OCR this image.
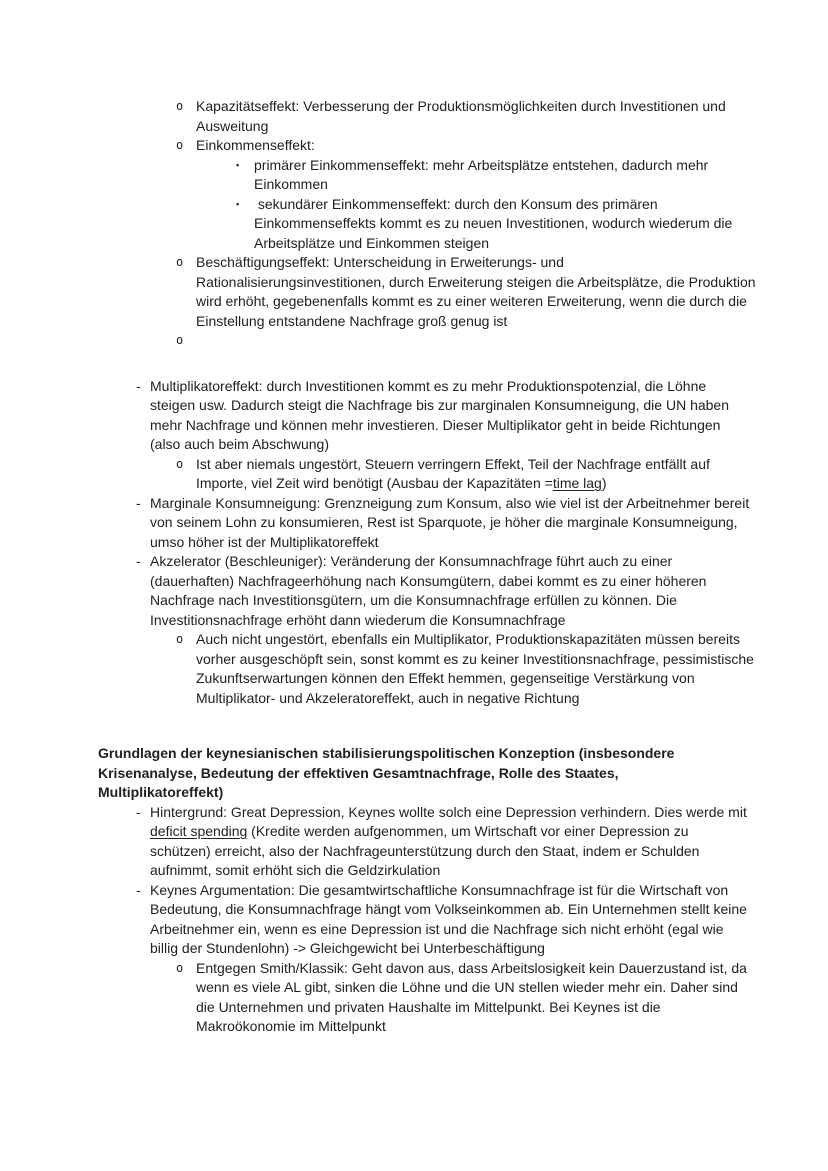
o Kapazitätseffekt: Verbesserung der Produktionsmöglichkeiten durch Investitionen und Ausweitung
o Einkommenseffekt:
▪	primärer Einkommenseffekt: mehr Arbeitsplätze entstehen, dadurch mehr Einkommen
▪	sekundärer Einkommenseffekt: durch den Konsum des primären Einkommenseffekts kommt es zu neuen Investitionen, wodurch wiederum die Arbeitsplätze und Einkommen steigen
o Beschäftigungseffekt: Unterscheidung in Erweiterungs- und Rationalisierungsinvestitionen, durch Erweiterung steigen die Arbeitsplätze, die Produktion wird erhöht, gegebenenfalls kommt es zu einer weiteren Erweiterung, wenn die durch die Einstellung entstandene Nachfrage groß genug ist
o
- Multiplikatoreffekt: durch Investitionen kommt es zu mehr Produktionspotenzial, die Löhne steigen usw. Dadurch steigt die Nachfrage bis zur marginalen Konsumneigung, die UN haben mehr Nachfrage und können mehr investieren. Dieser Multiplikator geht in beide Richtungen (also auch beim Abschwung)
o Ist aber niemals ungestört, Steuern verringern Effekt, Teil der Nachfrage entfällt auf Importe, viel Zeit wird benötigt (Ausbau der Kapazitäten =time lag)
- Marginale Konsumneigung: Grenzneigung zum Konsum, also wie viel ist der Arbeitnehmer bereit von seinem Lohn zu konsumieren, Rest ist Sparquote, je höher die marginale Konsumneigung, umso höher ist der Multiplikatoreffekt
- Akzelerator (Beschleuniger): Veränderung der Konsumnachfrage führt auch zu einer (dauerhaften) Nachfrageerhöhung nach Konsumgütern, dabei kommt es zu einer höheren Nachfrage nach Investitionsgütern, um die Konsumnachfrage erfüllen zu können. Die Investitionsnachfrage erhöht dann wiederum die Konsumnachfrage
o Auch nicht ungestört, ebenfalls ein Multiplikator, Produktionskapazitäten müssen bereits vorher ausgeschöpft sein, sonst kommt es zu keiner Investitionsnachfrage, pessimistische Zukunftserwartungen können den Effekt hemmen, gegenseitige Verstärkung von Multiplikator- und Akzeleratoreffekt, auch in negative Richtung
Grundlagen der keynesianischen stabilisierungspolitischen Konzeption (insbesondere Krisenanalyse, Bedeutung der effektiven Gesamtnachfrage, Rolle des Staates, Multiplikatoreffekt)
- Hintergrund: Great Depression, Keynes wollte solch eine Depression verhindern. Dies werde mit deficit spending (Kredite werden aufgenommen, um Wirtschaft vor einer Depression zu schützen) erreicht, also der Nachfrageunterstützung durch den Staat, indem er Schulden aufnimmt, somit erhöht sich die Geldzirkulation
- Keynes Argumentation: Die gesamtwirtschaftliche Konsumnachfrage ist für die Wirtschaft von Bedeutung, die Konsumnachfrage hängt vom Volkseinkommen ab. Ein Unternehmen stellt keine Arbeitnehmer ein, wenn es eine Depression ist und die Nachfrage sich nicht erhöht (egal wie billig der Stundenlohn) -> Gleichgewicht bei Unterbeschäftigung
o Entgegen Smith/Klassik: Geht davon aus, dass Arbeitslosigkeit kein Dauerzustand ist, da wenn es viele AL gibt, sinken die Löhne und die UN stellen wieder mehr ein. Daher sind die Unternehmen und privaten Haushalte im Mittelpunkt. Bei Keynes ist die Makroökonomie im Mittelpunkt
